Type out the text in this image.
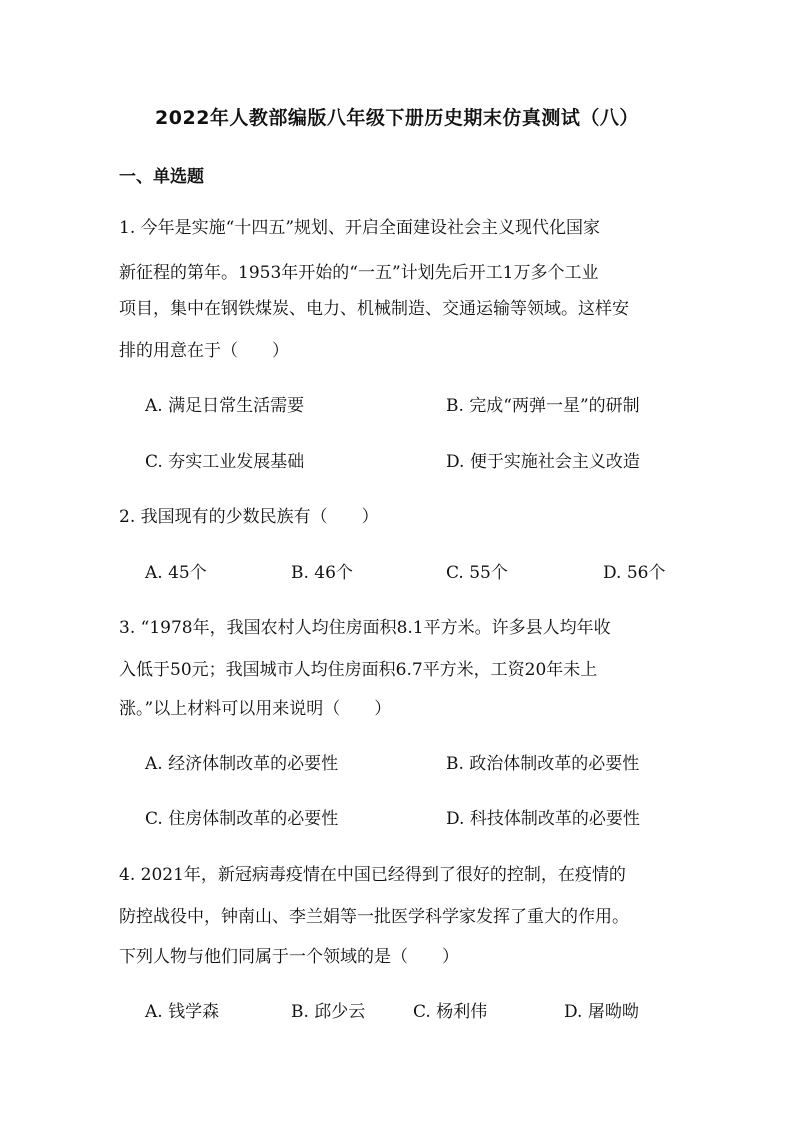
2022年人教部编版八年级下册历史期末仿真测试（八）
一、单选题
1. 今年是实施“十四五”规划、开启全面建设社会主义现代化国家
新征程的第年。1953年开始的“一五”计划先后开工1万多个工业
项目，集中在钢铁煤炭、电力、机械制造、交通运输等领域。这样安
排的用意在于（　　）
A. 满足日常生活需要	B. 完成“两弹一星”的研制
C. 夯实工业发展基础	D. 便于实施社会主义改造
2. 我国现有的少数民族有（　　）
A. 45个	B. 46个	C. 55个	D. 56个
3. “1978年，我国农村人均住房面积8.1平方米。许多县人均年收
入低于50元；我国城市人均住房面积6.7平方米，工资20年未上
涨。”以上材料可以用来说明（　　）
A. 经济体制改革的必要性	B. 政治体制改革的必要性
C. 住房体制改革的必要性	D. 科技体制改革的必要性
4. 2021年，新冠病毒疫情在中国已经得到了很好的控制，在疫情的
防控战役中，钟南山、李兰娟等一批医学科学家发挥了重大的作用。
下列人物与他们同属于一个领域的是（　　）
A. 钱学森	B. 邱少云	C. 杨利伟	D. 屠呦呦
